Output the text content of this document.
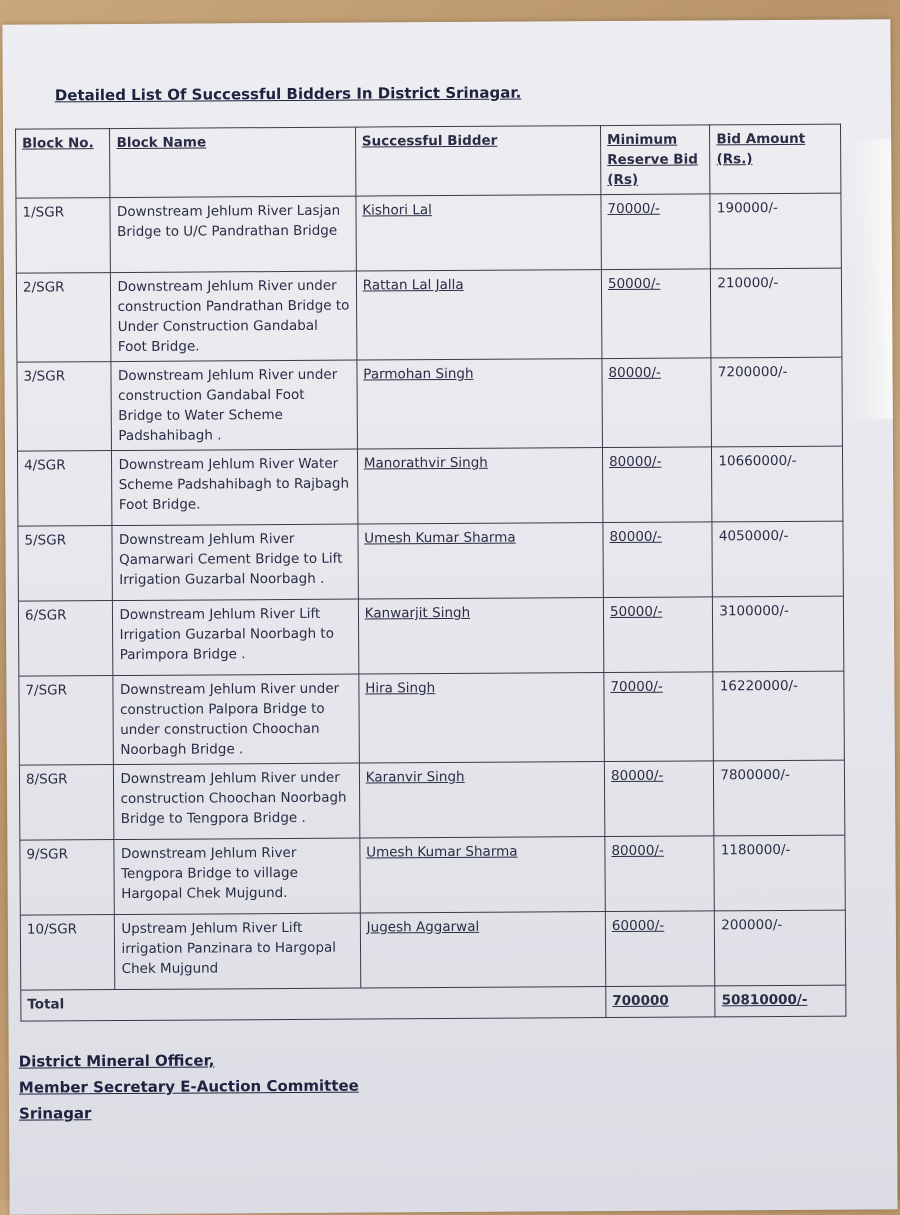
Detailed List Of Successful Bidders In District Srinagar.
Block No.	Block Name	Successful Bidder	Minimum Reserve Bid (Rs)	Bid Amount (Rs.)
1/SGR	Downstream Jehlum River Lasjan Bridge to U/C Pandrathan Bridge	Kishori Lal	70000/-	190000/-
2/SGR	Downstream Jehlum River under construction Pandrathan Bridge to Under Construction Gandabal Foot Bridge.	Rattan Lal Jalla	50000/-	210000/-
3/SGR	Downstream Jehlum River under construction Gandabal Foot Bridge to Water Scheme Padshahibagh .	Parmohan Singh	80000/-	7200000/-
4/SGR	Downstream Jehlum River Water Scheme Padshahibagh to Rajbagh Foot Bridge.	Manorathvir Singh	80000/-	10660000/-
5/SGR	Downstream Jehlum River Qamarwari Cement Bridge to Lift Irrigation Guzarbal Noorbagh .	Umesh Kumar Sharma	80000/-	4050000/-
6/SGR	Downstream Jehlum River Lift Irrigation Guzarbal Noorbagh to Parimpora Bridge .	Kanwarjit Singh	50000/-	3100000/-
7/SGR	Downstream Jehlum River under construction Palpora Bridge to under construction Choochan Noorbagh Bridge .	Hira Singh	70000/-	16220000/-
8/SGR	Downstream Jehlum River under construction Choochan Noorbagh Bridge to Tengpora Bridge .	Karanvir Singh	80000/-	7800000/-
9/SGR	Downstream Jehlum River Tengpora Bridge to village Hargopal Chek Mujgund.	Umesh Kumar Sharma	80000/-	1180000/-
10/SGR	Upstream Jehlum River Lift irrigation Panzinara to Hargopal Chek Mujgund	Jugesh Aggarwal	60000/-	200000/-
Total			700000	50810000/-
District Mineral Officer,
Member Secretary E-Auction Committee
Srinagar
